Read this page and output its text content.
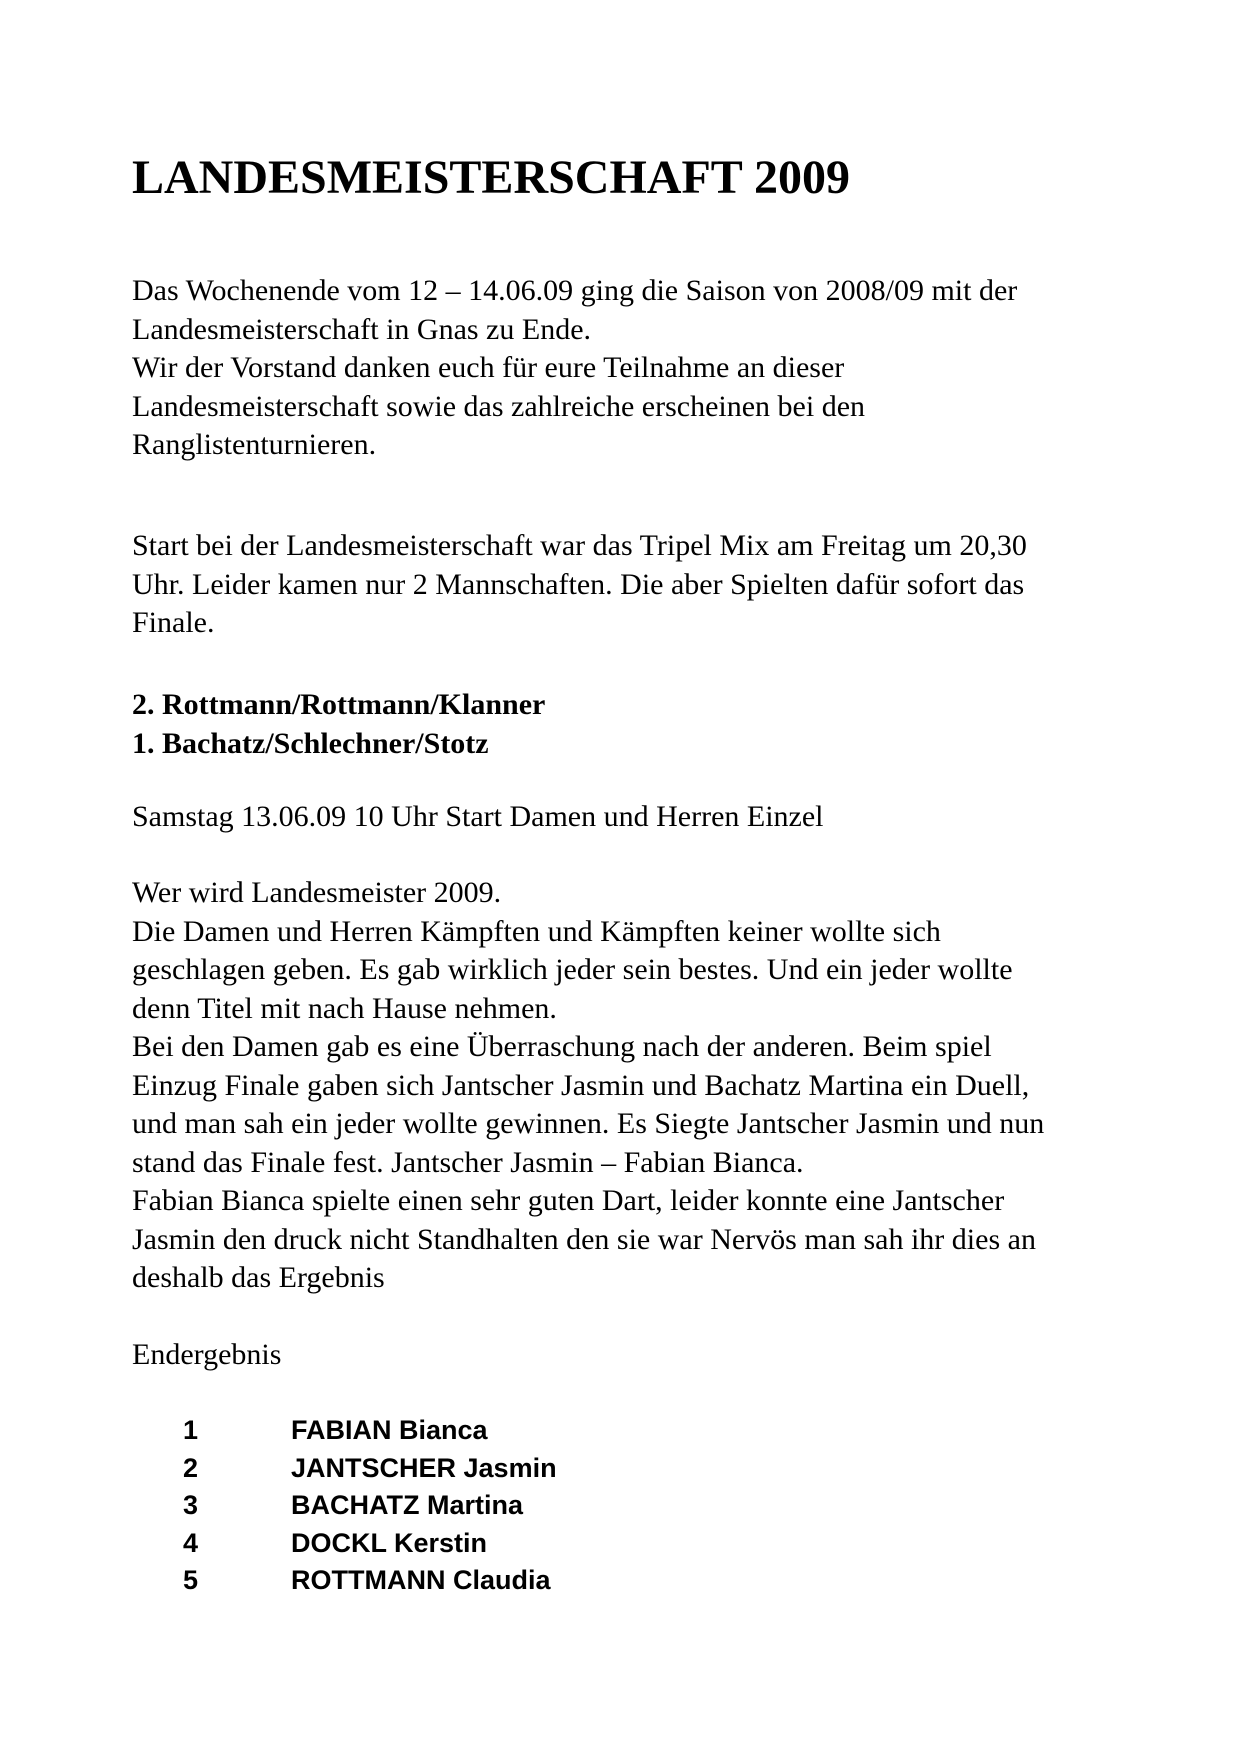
LANDESMEISTERSCHAFT 2009
Das Wochenende vom 12 – 14.06.09 ging die Saison von 2008/09 mit der
Landesmeisterschaft in Gnas zu Ende.
Wir der Vorstand danken euch für eure Teilnahme an dieser
Landesmeisterschaft sowie das zahlreiche erscheinen bei den
Ranglistenturnieren.
Start bei der Landesmeisterschaft war das Tripel Mix am Freitag um 20,30
Uhr. Leider kamen nur 2 Mannschaften. Die aber Spielten dafür sofort das
Finale.
2. Rottmann/Rottmann/Klanner
1. Bachatz/Schlechner/Stotz
Samstag 13.06.09 10 Uhr Start Damen und Herren Einzel
Wer wird Landesmeister 2009.
Die Damen und Herren Kämpften und Kämpften keiner wollte sich
geschlagen geben. Es gab wirklich jeder sein bestes. Und ein jeder wollte
denn Titel mit nach Hause nehmen.
Bei den Damen gab es eine Überraschung nach der anderen. Beim spiel
Einzug Finale gaben sich Jantscher Jasmin und Bachatz Martina ein Duell,
und man sah ein jeder wollte gewinnen. Es Siegte Jantscher Jasmin und nun
stand das Finale fest. Jantscher Jasmin – Fabian Bianca.
Fabian Bianca spielte einen sehr guten Dart, leider konnte eine Jantscher
Jasmin den druck nicht Standhalten den sie war Nervös man sah ihr dies an
deshalb das Ergebnis
Endergebnis
1	FABIAN Bianca
2	JANTSCHER Jasmin
3	BACHATZ Martina
4	DOCKL Kerstin
5	ROTTMANN Claudia
